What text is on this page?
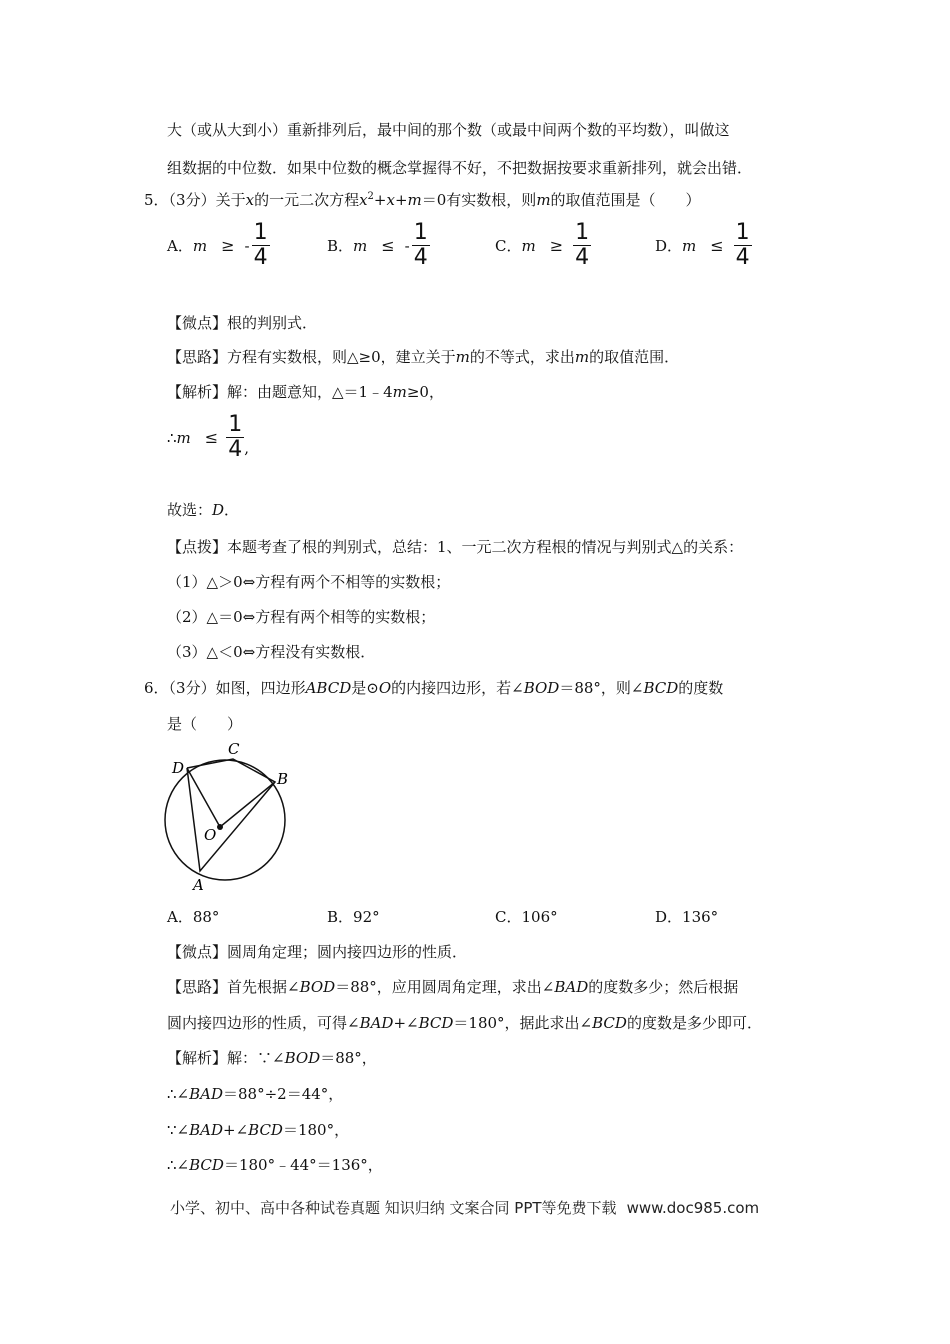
大（或从大到小）重新排列后，最中间的那个数（或最中间两个数的平均数），叫做这
组数据的中位数．如果中位数的概念掌握得不好，不把数据按要求重新排列，就会出错．
5．（3分）关于x的一元二次方程$x^2+x+m=0$有实数根，则m的取值范围是（　　）
A． m ≥ - $\frac{1}{4}$	B． m ≤ - $\frac{1}{4}$	C． $m \ge \frac{1}{4}$	D． $m \le \frac{1}{4}$
【微点】根的判别式．
【思路】方程有实数根，则△≥0，建立关于m的不等式，求出m的取值范围．
【解析】解：由题意知，△＝1﹣4m≥0，
∴ $m \le \frac{1}{4}$ ,
故选：D．
【点拨】本题考查了根的判别式，总结：1、一元二次方程根的情况与判别式△的关系：
（1）△＞0⇔方程有两个不相等的实数根；
（2）△＝0⇔方程有两个相等的实数根；
（3）△＜0⇔方程没有实数根．
6．（3分）如图，四边形ABCD是⊙O的内接四边形，若∠BOD＝88°，则∠BCD的度数
是（　　）
D
C
B
O
A
A．88°	B．92°	C．106°	D．136°
【微点】圆周角定理；圆内接四边形的性质．
【思路】首先根据∠BOD＝88°，应用圆周角定理，求出∠BAD的度数多少；然后根据
圆内接四边形的性质，可得∠BAD+∠BCD＝180°，据此求出∠BCD的度数是多少即可．
【解析】解：∵∠BOD＝88°，
∴∠BAD＝88°÷2＝44°，
∵∠BAD+∠BCD＝180°，
∴∠BCD＝180°﹣44°＝136°，
小学、初中、高中各种试卷真题 知识归纳 文案合同 PPT等免费下载 www.doc985.com
